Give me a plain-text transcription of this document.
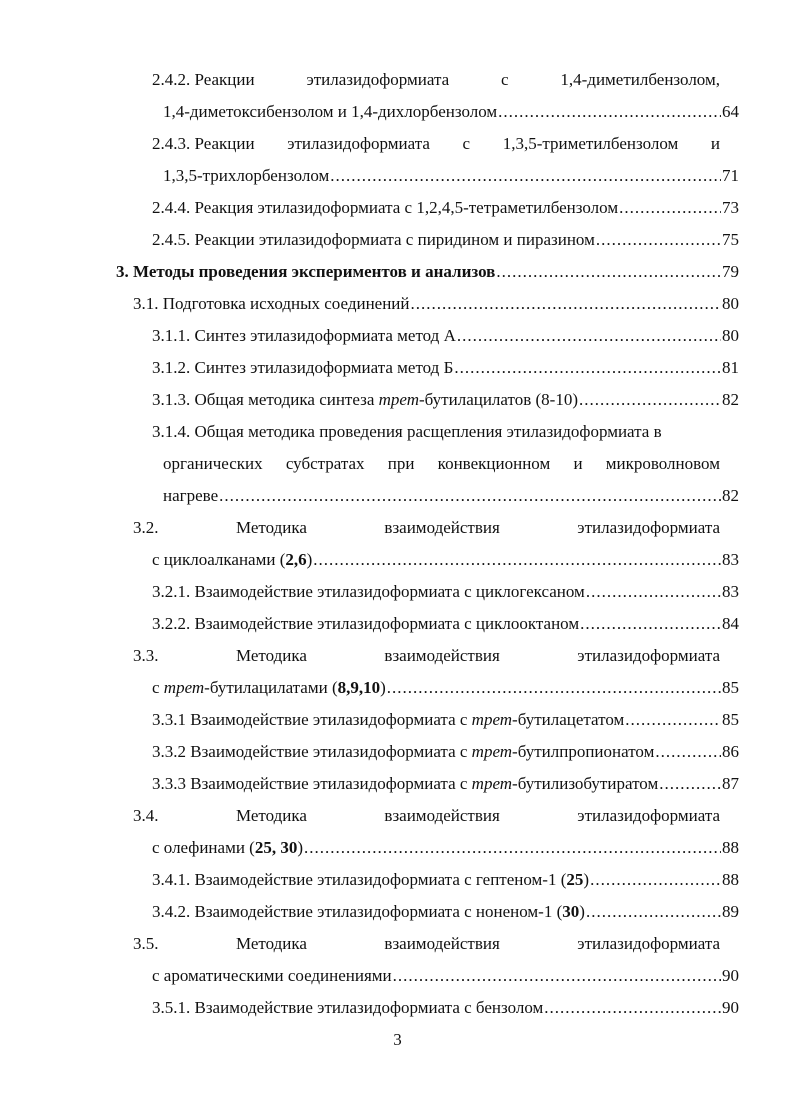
2.4.2. Реакции	этилазидоформиата	с	1,4-диметилбензолом,
1,4-диметоксибензолом и 1,4-дихлорбензолом .....	64
2.4.3. Реакции этилазидоформиата с 1,3,5-триметилбензолом и
1,3,5-трихлорбензолом .....	71
2.4.4. Реакция этилазидоформиата с 1,2,4,5-тетраметилбензолом .....	73
2.4.5. Реакции этилазидоформиата с пиридином и пиразином .....	75
3. Методы проведения экспериментов и анализов .....	79
3.1. Подготовка исходных соединений .....	80
3.1.1. Синтез этилазидоформиата метод А .....	80
3.1.2. Синтез этилазидоформиата метод Б .....	81
3.1.3. Общая методика синтеза трет-бутилацилатов (8-10) .....	82
3.1.4. Общая методика проведения расщепления этилазидоформиата в
органических субстратах при конвекционном и микроволновом
нагреве .....	82
3.2.	Методика	взаимодействия	этилазидоформиата
с циклоалканами (2,6) .....	83
3.2.1. Взаимодействие этилазидоформиата с циклогексаном .....	83
3.2.2. Взаимодействие этилазидоформиата с циклооктаном .....	84
3.3.	Методика	взаимодействия	этилазидоформиата
с трет-бутилацилатами (8,9,10) .....	85
3.3.1 Взаимодействие этилазидоформиата с трет-бутилацетатом .....	85
3.3.2 Взаимодействие этилазидоформиата с трет-бутилпропионатом .....	86
3.3.3 Взаимодействие этилазидоформиата с трет-бутилизобутиратом .....	87
3.4.	Методика	взаимодействия	этилазидоформиата
с олефинами (25, 30) .....	88
3.4.1. Взаимодействие этилазидоформиата с гептеном-1 (25) .....	88
3.4.2. Взаимодействие этилазидоформиата с ноненом-1 (30) .....	89
3.5.	Методика	взаимодействия	этилазидоформиата
с ароматическими соединениями .....	90
3.5.1. Взаимодействие этилазидоформиата с бензолом .....	90
3
